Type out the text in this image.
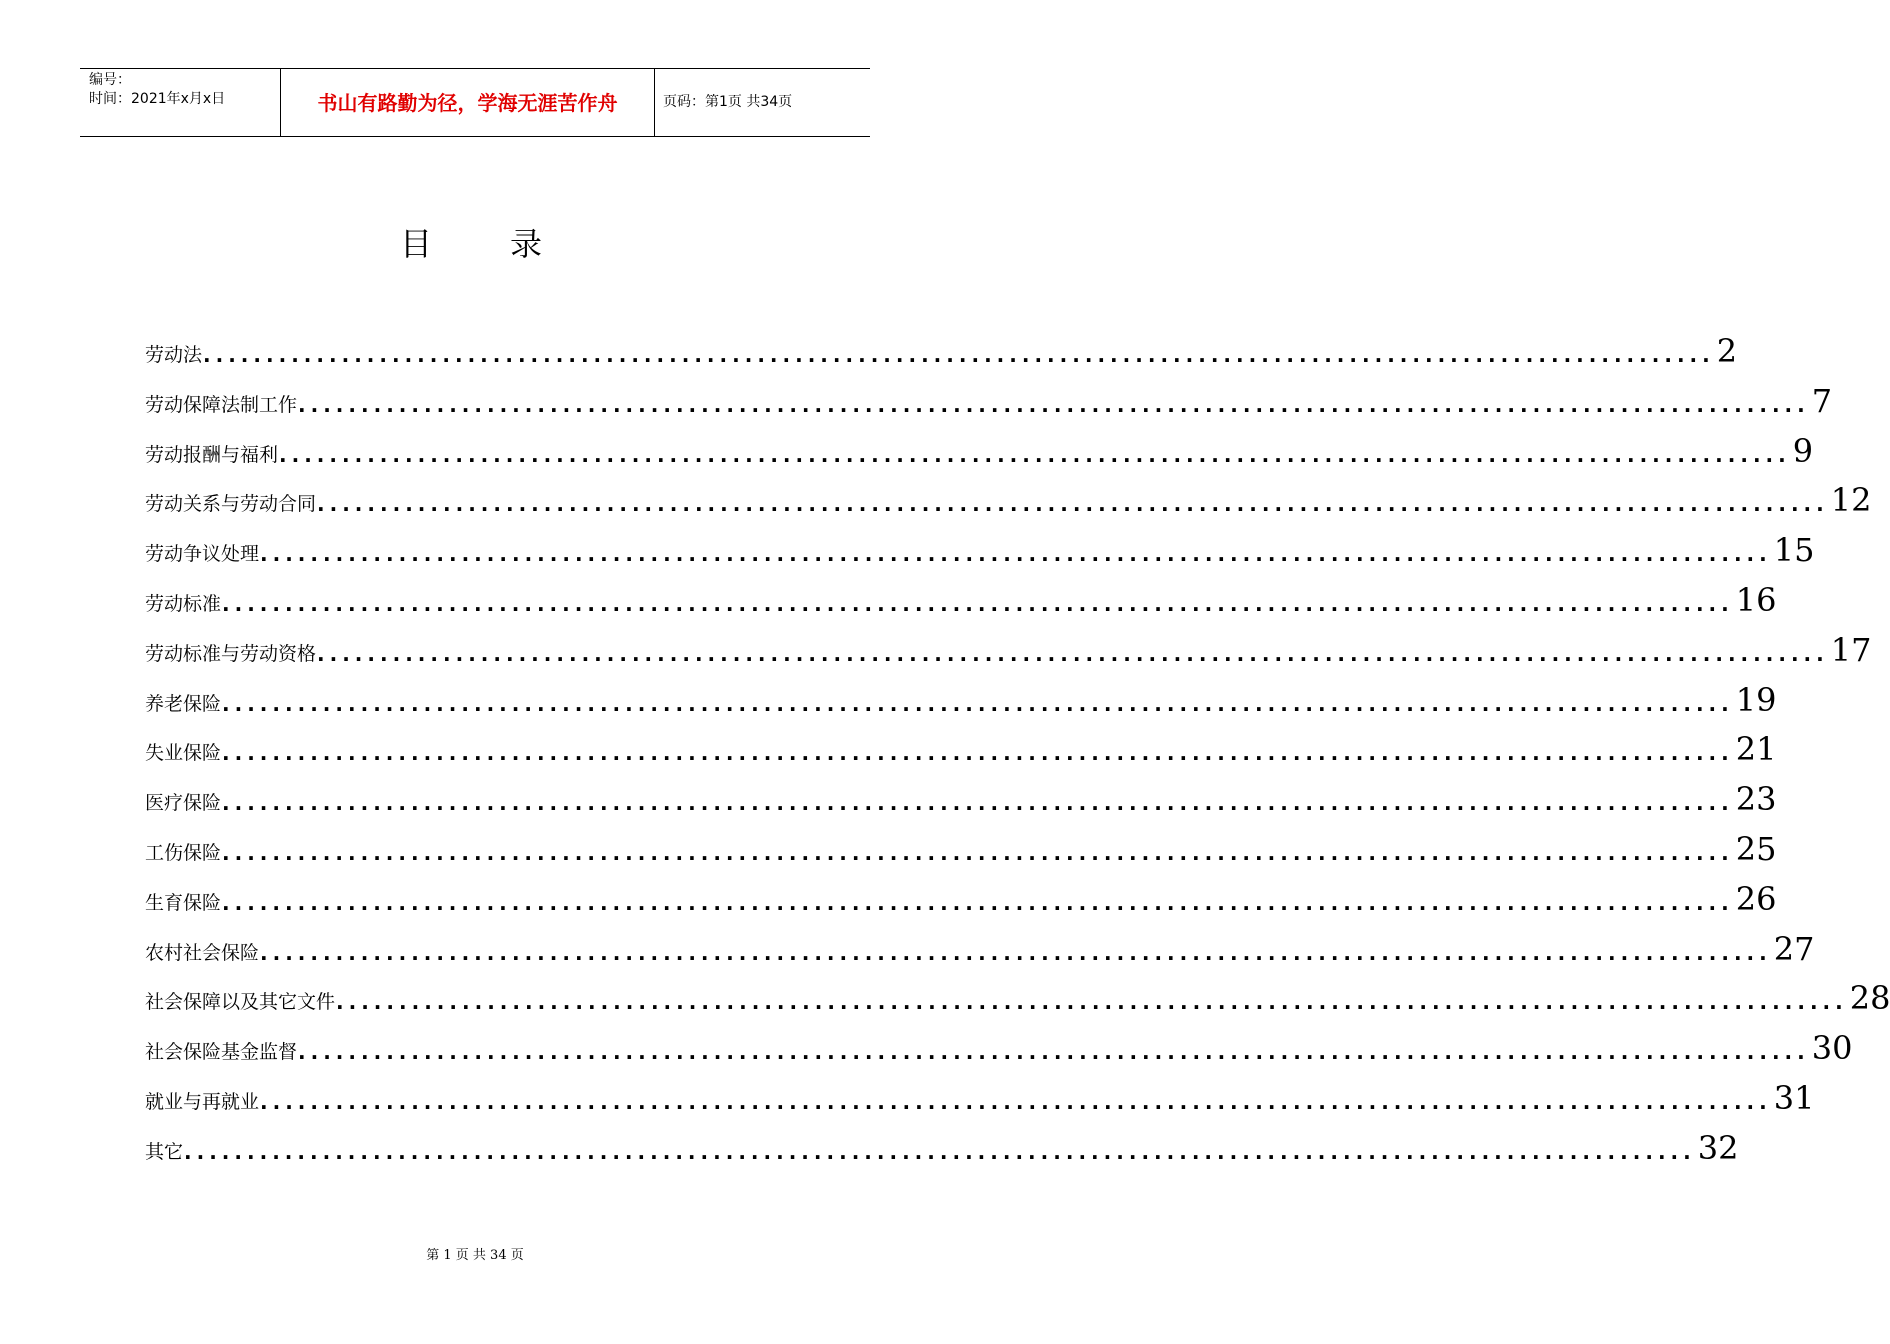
编号：
时间：2021年x月x日	书山有路勤为径，学海无涯苦作舟	页码：第1页 共34页
目录
劳动法 ........................................................................................................................ 2
劳动保障法制工作 ........................................................................................................................ 7
劳动报酬与福利 ........................................................................................................................ 9
劳动关系与劳动合同 ........................................................................................................................ 12
劳动争议处理 ........................................................................................................................ 15
劳动标准 ........................................................................................................................ 16
劳动标准与劳动资格 ........................................................................................................................ 17
养老保险 ........................................................................................................................ 19
失业保险 ........................................................................................................................ 21
医疗保险 ........................................................................................................................ 23
工伤保险 ........................................................................................................................ 25
生育保险 ........................................................................................................................ 26
农村社会保险 ........................................................................................................................ 27
社会保障以及其它文件 ........................................................................................................................ 28
社会保险基金监督 ........................................................................................................................ 30
就业与再就业 ........................................................................................................................ 31
其它 ........................................................................................................................ 32
第 1 页 共 34 页
